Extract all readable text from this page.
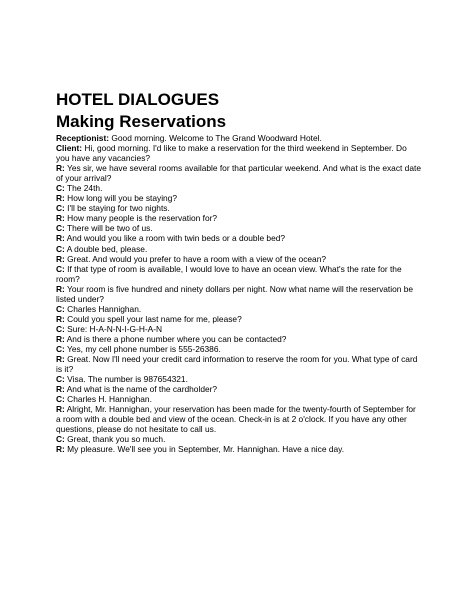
HOTEL DIALOGUES
Making Reservations
Receptionist: Good morning. Welcome to The Grand Woodward Hotel.
Client: Hi, good morning. I'd like to make a reservation for the third weekend in September. Do you have any vacancies?
R: Yes sir, we have several rooms available for that particular weekend. And what is the exact date of your arrival?
C: The 24th.
R: How long will you be staying?
C: I'll be staying for two nights.
R: How many people is the reservation for?
C: There will be two of us.
R: And would you like a room with twin beds or a double bed?
C: A double bed, please.
R: Great. And would you prefer to have a room with a view of the ocean?
C: If that type of room is available, I would love to have an ocean view. What's the rate for the room?
R: Your room is five hundred and ninety dollars per night. Now what name will the reservation be listed under?
C: Charles Hannighan.
R: Could you spell your last name for me, please?
C: Sure: H-A-N-N-I-G-H-A-N
R: And is there a phone number where you can be contacted?
C: Yes, my cell phone number is 555-26386.
R: Great. Now I'll need your credit card information to reserve the room for you. What type of card is it?
C: Visa. The number is 987654321.
R: And what is the name of the cardholder?
C: Charles H. Hannighan.
R: Alright, Mr. Hannighan, your reservation has been made for the twenty-fourth of September for a room with a double bed and view of the ocean. Check-in is at 2 o'clock. If you have any other questions, please do not hesitate to call us.
C: Great, thank you so much.
R: My pleasure. We'll see you in September, Mr. Hannighan. Have a nice day.
